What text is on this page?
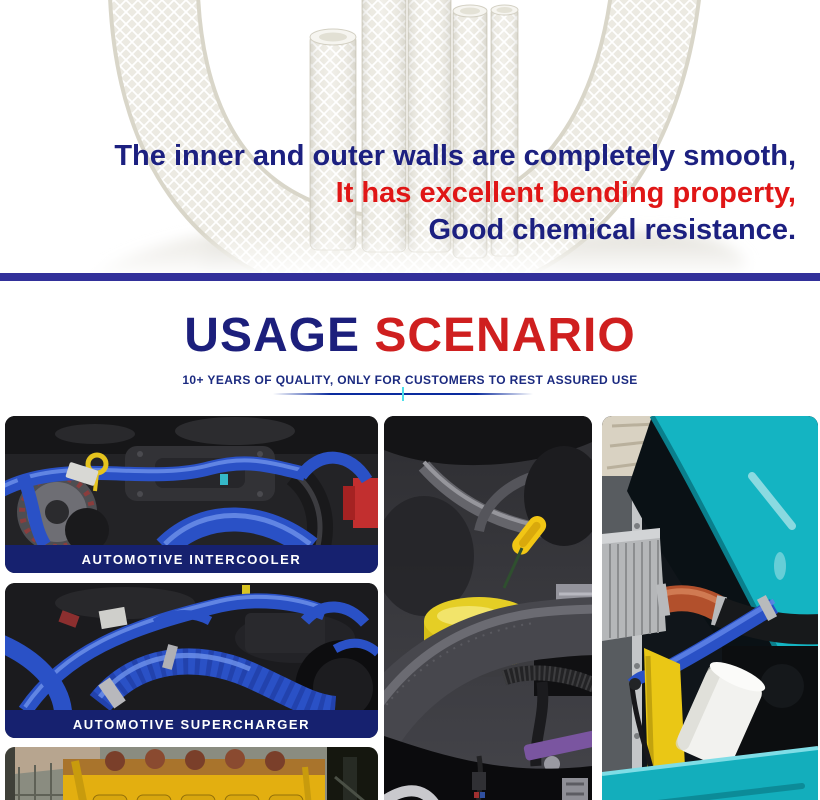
The inner and outer walls are completely smooth,
It has excellent bending property,
Good chemical resistance.
USAGE SCENARIO
10+ YEARS OF QUALITY, ONLY FOR CUSTOMERS TO REST ASSURED USE
AUTOMOTIVE INTERCOOLER
AUTOMOTIVE SUPERCHARGER
